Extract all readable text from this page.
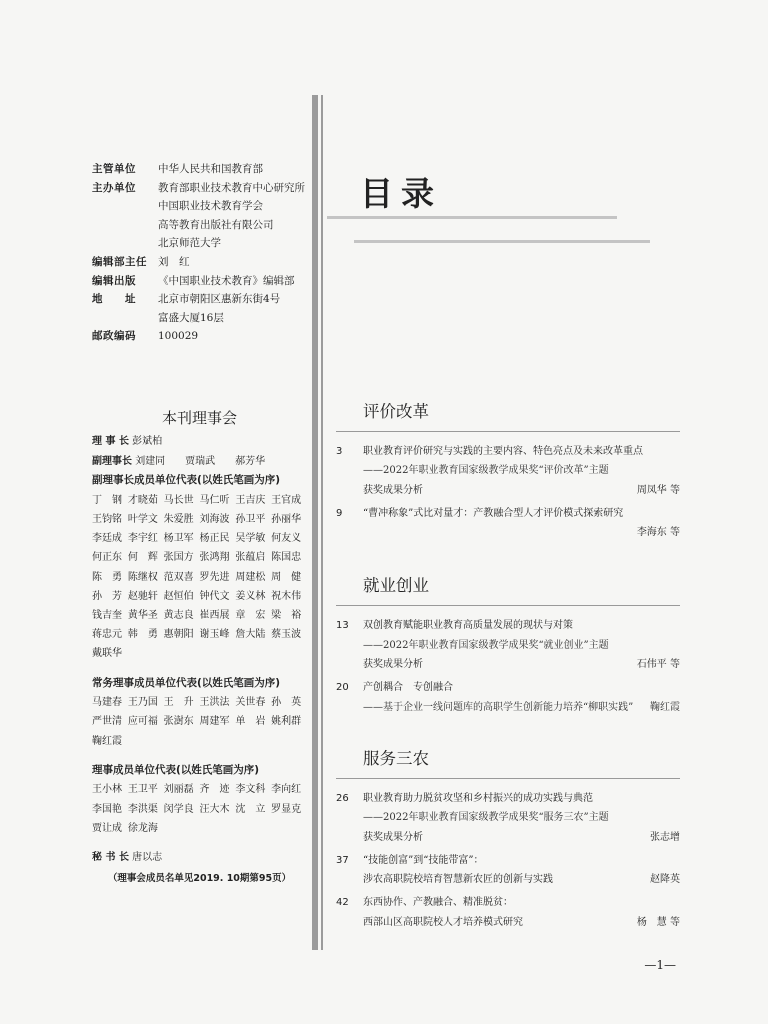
主管单位	中华人民共和国教育部
主办单位	教育部职业技术教育中心研究所
中国职业技术教育学会
高等教育出版社有限公司
北京师范大学
编辑部主任	刘　红
编辑出版	《中国职业技术教育》编辑部
地　　址	北京市朝阳区惠新东街4号
富盛大厦16层
邮政编码	100029
本刊理事会
理 事 长 彭斌柏
副理事长 刘建同　　贾瑞武　　郝芳华
副理事长成员单位代表(以姓氏笔画为序)
丁　钢 才晓茹 马长世 马仁听 王吉庆 王官成
王钧铭 叶学文 朱爱胜 刘海波 孙卫平 孙丽华
李廷成 李宇红 杨卫军 杨正民 吴学敏 何友义
何正东 何　辉 张国方 张鸿翔 张蕴启 陈国忠
陈　勇 陈继权 范双喜 罗先进 周建松 周　健
孙　芳 赵驰轩 赵恒伯 钟代文 姜义林 祝木伟
钱吉奎 黄华圣 黄志良 崔西展 章　宏 梁　裕
蒋忠元 韩　勇 惠朝阳 谢玉峰 詹大陆 蔡玉波
戴联华
常务理事成员单位代表(以姓氏笔画为序)
马建春 王乃国 王　升 王洪法 关世春 孙　英
严世清 应可福 张澍东 周建军 单　岩 姚利群
鞠红霞
理事成员单位代表(以姓氏笔画为序)
王小林 王卫平 刘丽磊 齐　迹 李文科 李向红
李国艳 李洪渠 闵学良 汪大木 沈　立 罗显克
贾让成 徐龙海
秘 书 长 唐以志
（理事会成员名单见2019. 10期第95页）
目录
评价改革
3 职业教育评价研究与实践的主要内容、特色亮点及未来改革重点
——2022年职业教育国家级教学成果奖“评价改革”主题
获奖成果分析	周凤华 等
9 “曹冲称象”式比对量才：产教融合型人才评价模式探索研究
李海东 等
就业创业
13 双创教育赋能职业教育高质量发展的现状与对策
——2022年职业教育国家级教学成果奖“就业创业”主题
获奖成果分析	石伟平 等
20 产创耦合　专创融合
——基于企业一线问题库的高职学生创新能力培养“柳职实践” 鞠红霞
服务三农
26 职业教育助力脱贫攻坚和乡村振兴的成功实践与典范
——2022年职业教育国家级教学成果奖“服务三农”主题
获奖成果分析	张志增
37 “技能创富”到“技能带富”：
涉农高职院校培育智慧新农匠的创新与实践	赵降英
42 东西协作、产教融合、精准脱贫：
西部山区高职院校人才培养模式研究	杨　慧 等
—1—
